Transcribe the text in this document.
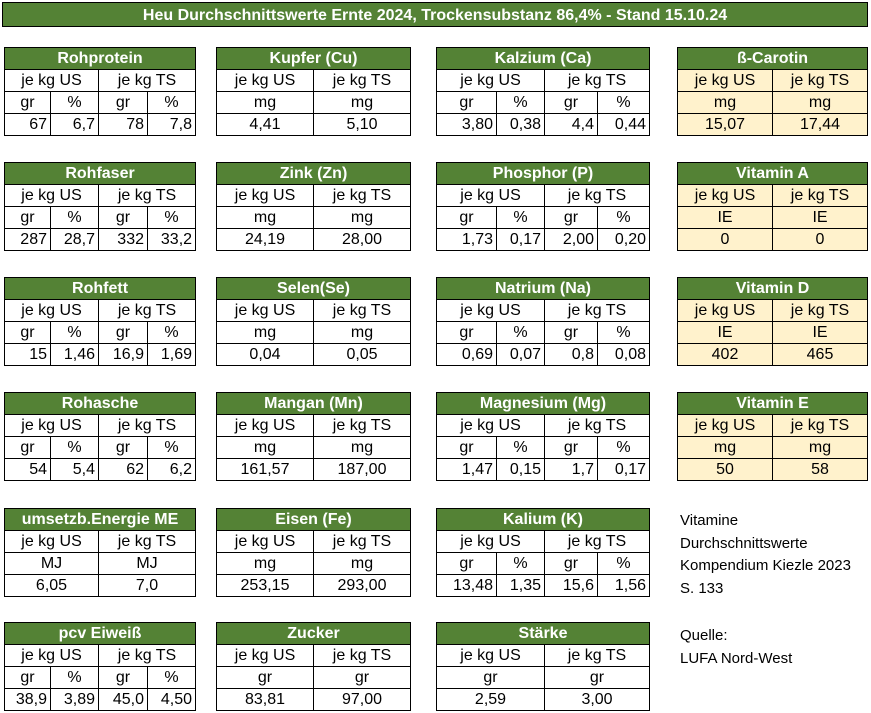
Heu Durchschnittswerte Ernte 2024, Trockensubstanz 86,4% - Stand 15.10.24
Rohprotein			
je kg US		je kg TS	
gr	%	gr	%
67	6,7	78	7,8
Rohfaser			
je kg US		je kg TS	
gr	%	gr	%
287	28,7	332	33,2
Rohfett			
je kg US		je kg TS	
gr	%	gr	%
15	1,46	16,9	1,69
Rohasche			
je kg US		je kg TS	
gr	%	gr	%
54	5,4	62	6,2
umsetzb.Energie ME	
je kg US	je kg TS
MJ	MJ
6,05	7,0
pcv Eiweiß			
je kg US		je kg TS	
gr	%	gr	%
38,9	3,89	45,0	4,50
Kupfer (Cu)	
je kg US	je kg TS
mg	mg
4,41	5,10
Zink (Zn)	
je kg US	je kg TS
mg	mg
24,19	28,00
Selen(Se)	
je kg US	je kg TS
mg	mg
0,04	0,05
Mangan (Mn)	
je kg US	je kg TS
mg	mg
161,57	187,00
Eisen (Fe)	
je kg US	je kg TS
mg	mg
253,15	293,00
Zucker	
je kg US	je kg TS
gr	gr
83,81	97,00
Kalzium (Ca)			
je kg US		je kg TS	
gr	%	gr	%
3,80	0,38	4,4	0,44
Phosphor (P)			
je kg US		je kg TS	
gr	%	gr	%
1,73	0,17	2,00	0,20
Natrium (Na)			
je kg US		je kg TS	
gr	%	gr	%
0,69	0,07	0,8	0,08
Magnesium (Mg)			
je kg US		je kg TS	
gr	%	gr	%
1,47	0,15	1,7	0,17
Kalium (K)			
je kg US		je kg TS	
gr	%	gr	%
13,48	1,35	15,6	1,56
Stärke	
je kg US	je kg TS
gr	gr
2,59	3,00
ß-Carotin	
je kg US	je kg TS
mg	mg
15,07	17,44
Vitamin A	
je kg US	je kg TS
IE	IE
0	0
Vitamin D	
je kg US	je kg TS
IE	IE
402	465
Vitamin E	
je kg US	je kg TS
mg	mg
50	58
Vitamine
Durchschnittswerte
Kompendium Kiezle 2023
S. 133
Quelle:
LUFA Nord-West
